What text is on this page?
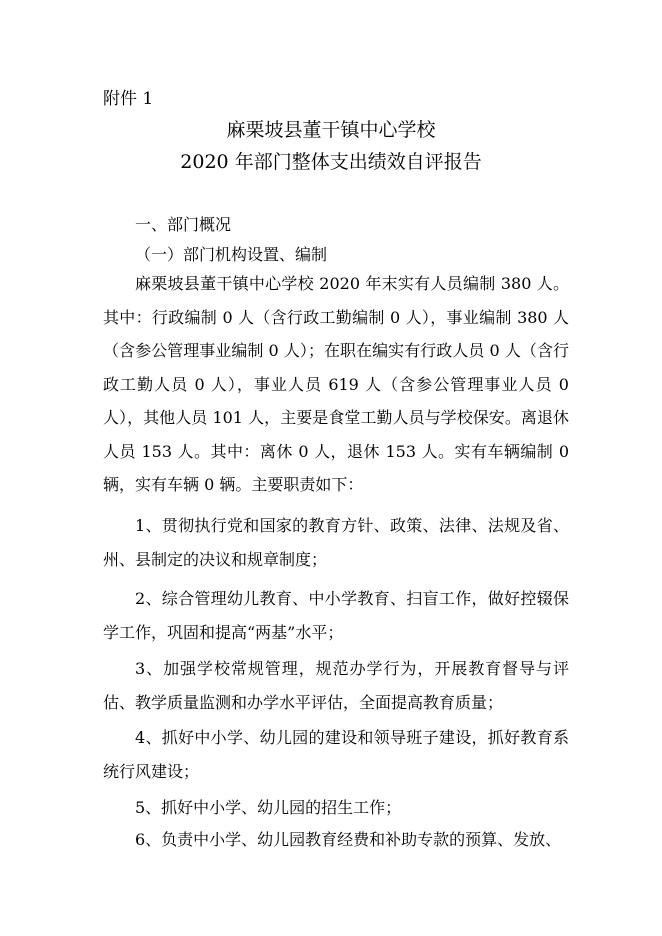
附件 1
麻栗坡县董干镇中心学校
2020 年部门整体支出绩效自评报告
一、部门概况
（一）部门机构设置、编制
麻栗坡县董干镇中心学校 2020 年末实有人员编制 380 人。其中：行政编制 0 人（含行政工勤编制 0 人），事业编制 380 人（含参公管理事业编制 0 人）；在职在编实有行政人员 0 人（含行政工勤人员 0 人），事业人员 619 人（含参公管理事业人员 0 人），其他人员 101 人，主要是食堂工勤人员与学校保安。离退休人员 153 人。其中：离休 0 人，退休 153 人。实有车辆编制 0 辆，实有车辆 0 辆。主要职责如下：
1、贯彻执行党和国家的教育方针、政策、法律、法规及省、州、县制定的决议和规章制度；
2、综合管理幼儿教育、中小学教育、扫盲工作，做好控辍保学工作，巩固和提高“两基”水平；
3、加强学校常规管理，规范办学行为，开展教育督导与评估、教学质量监测和办学水平评估，全面提高教育质量；
4、抓好中小学、幼儿园的建设和领导班子建设，抓好教育系统行风建设；
5、抓好中小学、幼儿园的招生工作；
6、负责中小学、幼儿园教育经费和补助专款的预算、发放、
